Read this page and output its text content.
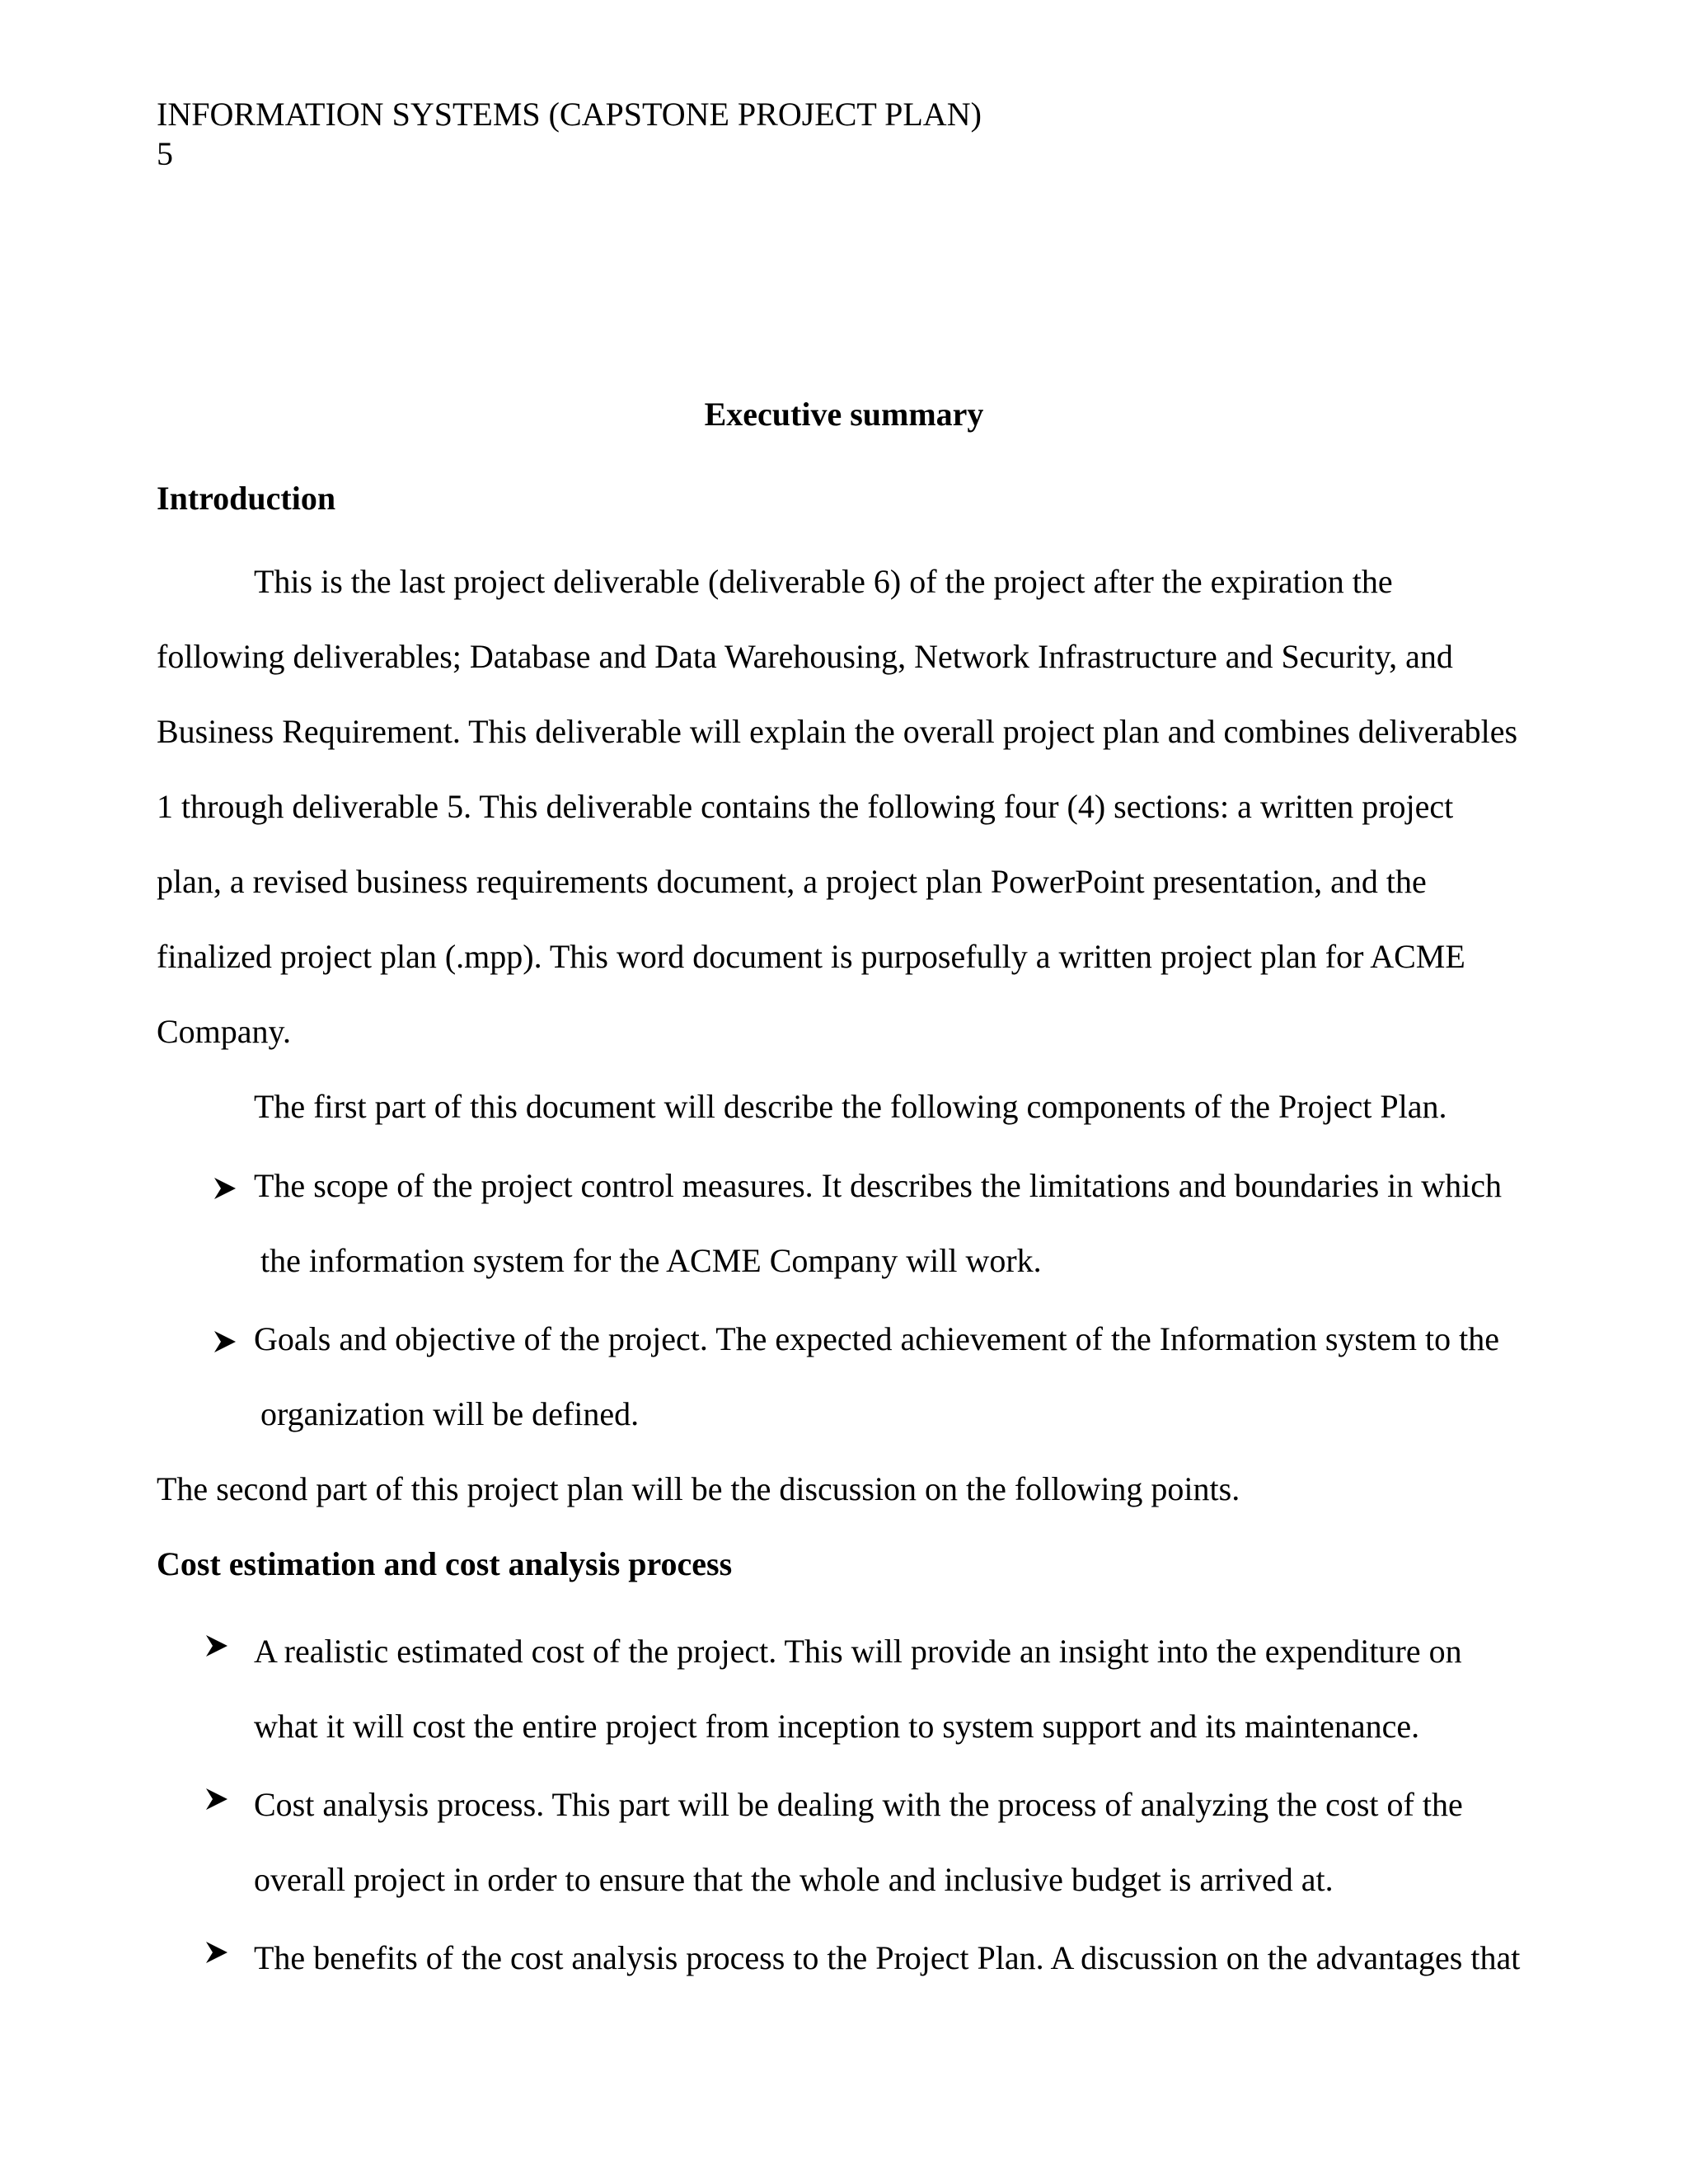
INFORMATION SYSTEMS (CAPSTONE PROJECT PLAN)
5
Executive summary
Introduction
This is the last project deliverable (deliverable 6) of the project after the expiration the
following deliverables; Database and Data Warehousing, Network Infrastructure and Security, and
Business Requirement. This deliverable will explain the overall project plan and combines deliverables
1 through deliverable 5. This deliverable contains the following four (4) sections: a written project
plan, a revised business requirements document, a project plan PowerPoint presentation, and the
finalized project plan (.mpp). This word document is purposefully a written project plan for ACME
Company.
The first part of this document will describe the following components of the Project Plan.
The scope of the project control measures. It describes the limitations and boundaries in which
the information system for the ACME Company will work.
Goals and objective of the project. The expected achievement of the Information system to the
organization will be defined.
The second part of this project plan will be the discussion on the following points.
Cost estimation and cost analysis process
A realistic estimated cost of the project. This will provide an insight into the expenditure on
what it will cost the entire project from inception to system support and its maintenance.
Cost analysis process. This part will be dealing with the process of analyzing the cost of the
overall project in order to ensure that the whole and inclusive budget is arrived at.
The benefits of the cost analysis process to the Project Plan. A discussion on the advantages that
